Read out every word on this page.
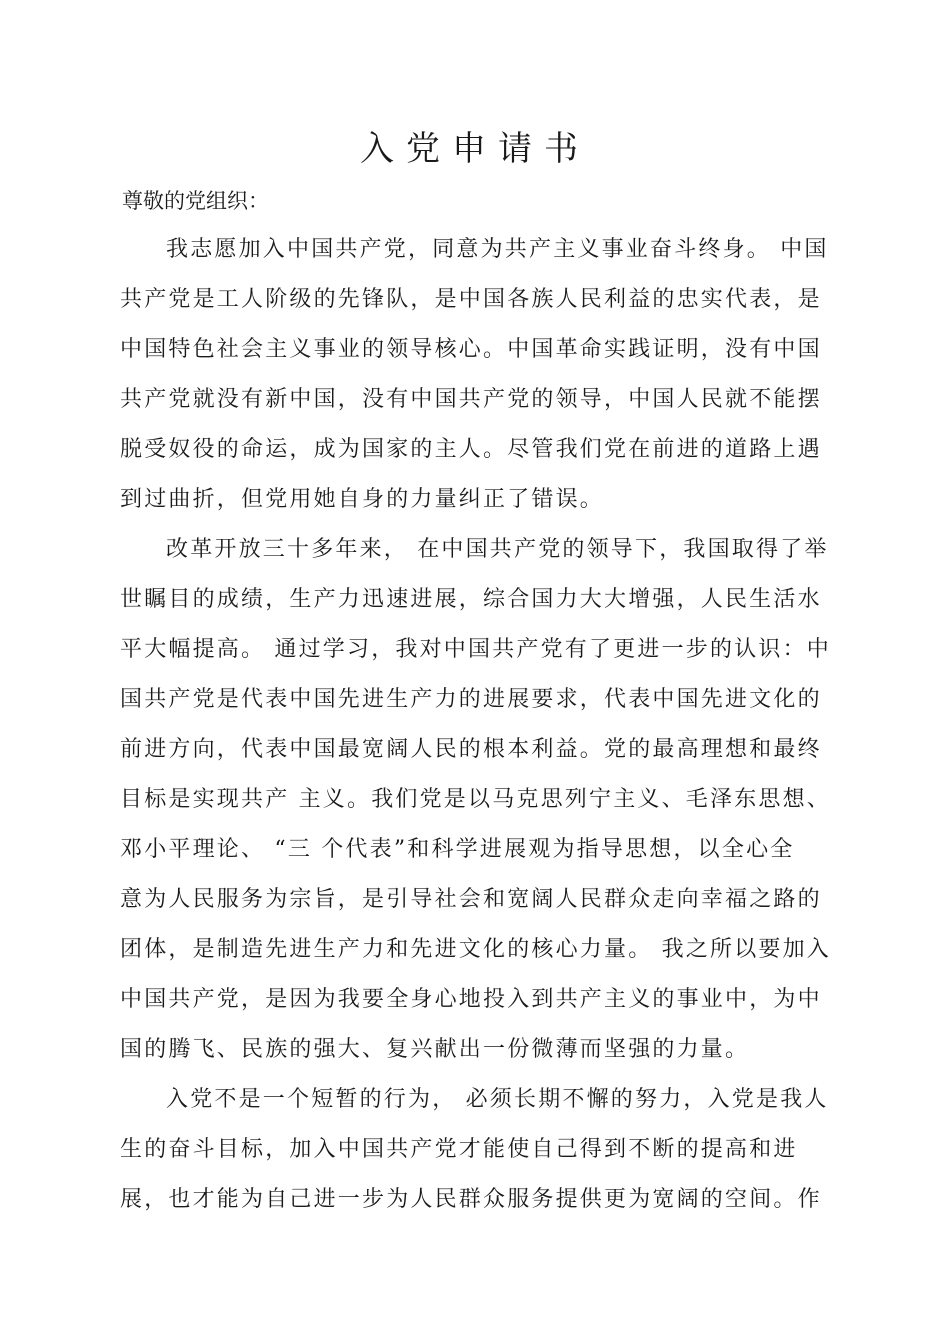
入党申请书

尊敬的党组织：

我志愿加入中国共产党，同意为共产主义事业奋斗终身。 中国

共产党是工人阶级的先锋队，是中国各族人民利益的忠实代表，是

中国特色社会主义事业的领导核心。中国革命实践证明，没有中国

共产党就没有新中国，没有中国共产党的领导，中国人民就不能摆

脱受奴役的命运，成为国家的主人。尽管我们党在前进的道路上遇

到过曲折，但党用她自身的力量纠正了错误。

改革开放三十多年来， 在中国共产党的领导下，我国取得了举

世瞩目的成绩，生产力迅速进展，综合国力大大增强，人民生活水

平大幅提高。 通过学习，我对中国共产党有了更进一步的认识：中

国共产党是代表中国先进生产力的进展要求，代表中国先进文化的

前进方向，代表中国最宽阔人民的根本利益。党的最高理想和最终

目标是实现共产 主义。我们党是以马克思列宁主义、毛泽东思想、

邓小平理论、 “三 个代表”和科学进展观为指导思想，以全心全

意为人民服务为宗旨，是引导社会和宽阔人民群众走向幸福之路的

团体，是制造先进生产力和先进文化的核心力量。 我之所以要加入

中国共产党，是因为我要全身心地投入到共产主义的事业中，为中

国的腾飞、民族的强大、复兴献出一份微薄而坚强的力量。

入党不是一个短暂的行为， 必须长期不懈的努力，入党是我人

生的奋斗目标，加入中国共产党才能使自己得到不断的提高和进

展，也才能为自己进一步为人民群众服务提供更为宽阔的空间。作
